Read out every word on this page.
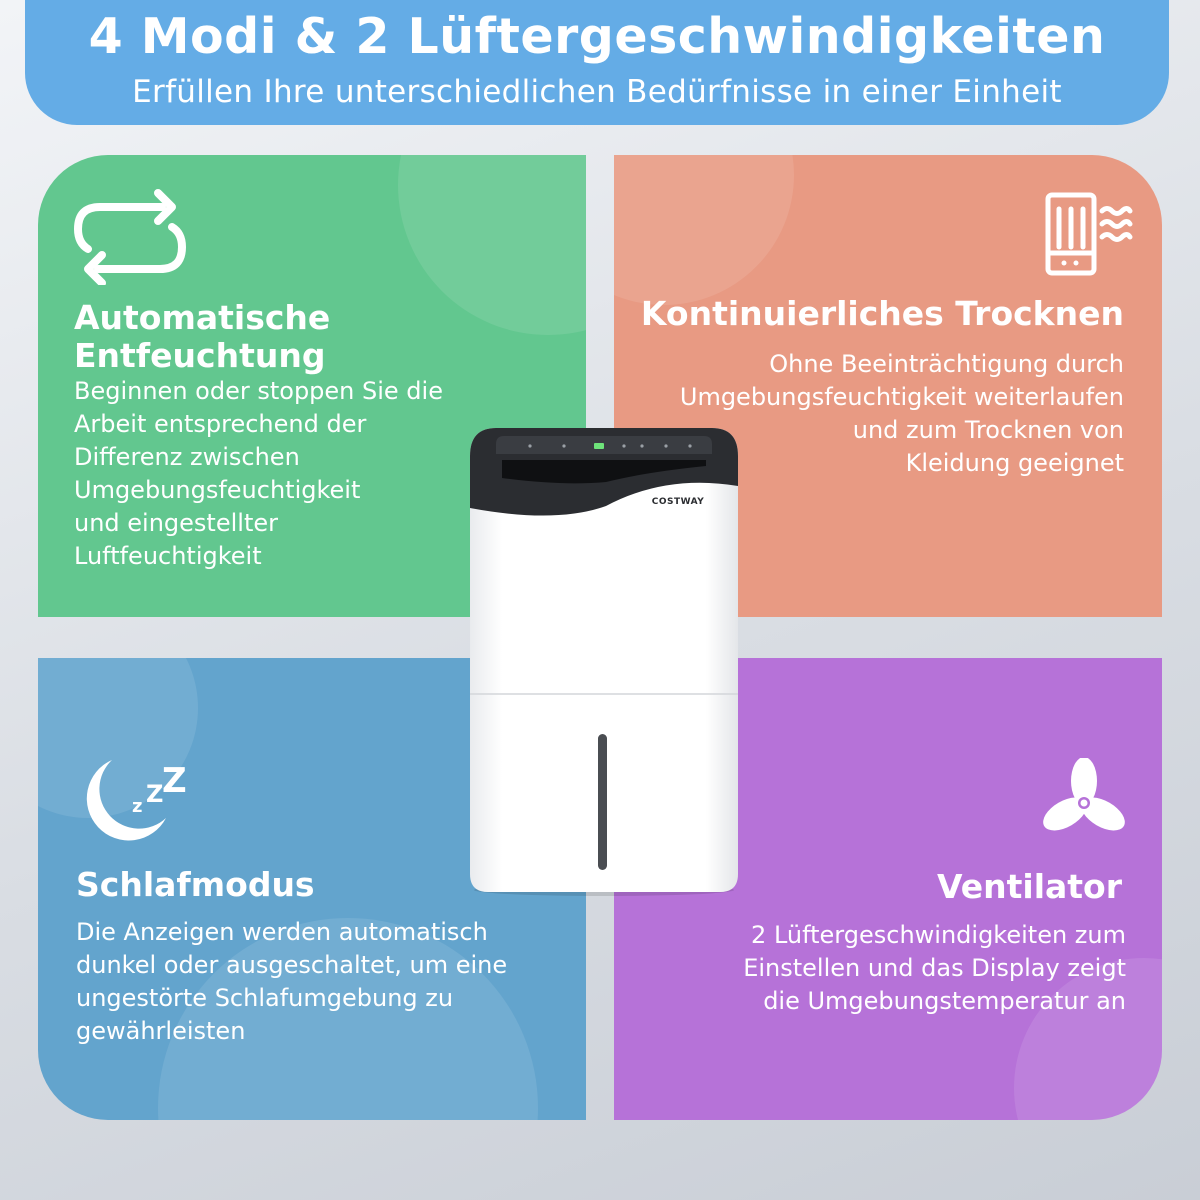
4 Modi & 2 Lüftergeschwindigkeiten
Erfüllen Ihre unterschiedlichen Bedürfnisse in einer Einheit
Automatische
Entfeuchtung
Beginnen oder stoppen Sie die
Arbeit entsprechend der
Differenz zwischen
Umgebungsfeuchtigkeit
und eingestellter
Luftfeuchtigkeit
Kontinuierliches Trocknen
Ohne Beeinträchtigung durch
Umgebungsfeuchtigkeit weiterlaufen
und zum Trocknen von
Kleidung geeignet
z Z
Z
Schlafmodus
Die Anzeigen werden automatisch
dunkel oder ausgeschaltet, um eine
ungestörte Schlafumgebung zu
gewährleisten
Ventilator
2 Lüftergeschwindigkeiten zum
Einstellen und das Display zeigt
die Umgebungstemperatur an
COSTWAY
